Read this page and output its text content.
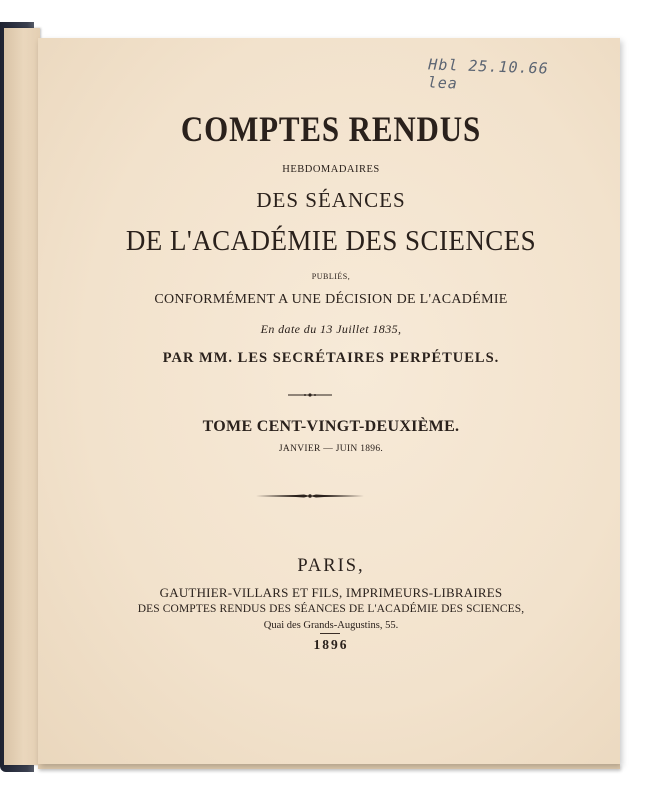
Hbl 25.10.66 lea
COMPTES RENDUS
HEBDOMADAIRES
DES SÉANCES
DE L'ACADÉMIE DES SCIENCES
PUBLIÉS,
CONFORMÉMENT A UNE DÉCISION DE L'ACADÉMIE
En date du 13 Juillet 1835,
PAR MM. LES SECRÉTAIRES PERPÉTUELS.
TOME CENT-VINGT-DEUXIÈME.
JANVIER — JUIN 1896.
PARIS,
GAUTHIER-VILLARS ET FILS, IMPRIMEURS-LIBRAIRES
DES COMPTES RENDUS DES SÉANCES DE L'ACADÉMIE DES SCIENCES,
Quai des Grands-Augustins, 55.
1896
